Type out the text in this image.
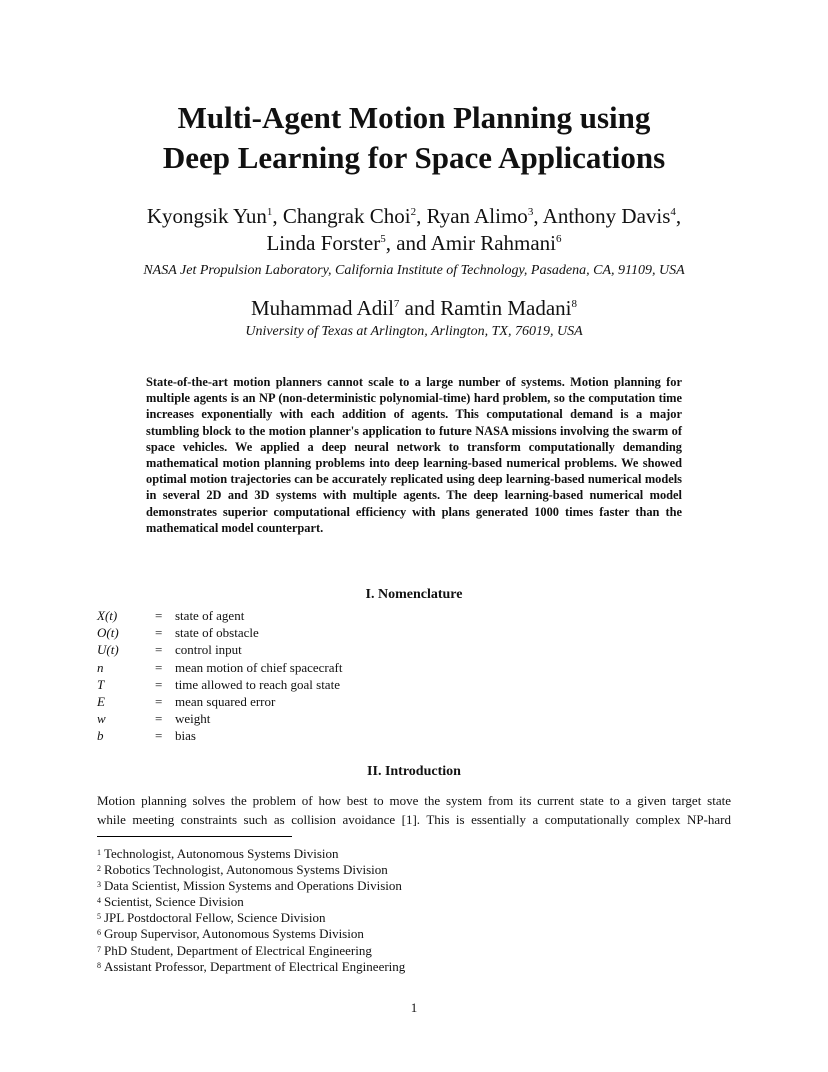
Multi-Agent Motion Planning using
Deep Learning for Space Applications
Kyongsik Yun$^1$, Changrak Choi$^2$, Ryan Alimo$^3$, Anthony Davis$^4$,
Linda Forster$^5$, and Amir Rahmani$^6$
NASA Jet Propulsion Laboratory, California Institute of Technology, Pasadena, CA, 91109, USA
Muhammad Adil$^7$ and Ramtin Madani$^8$
University of Texas at Arlington, Arlington, TX, 76019, USA
State-of-the-art motion planners cannot scale to a large number of systems. Motion planning for multiple agents is an NP (non-deterministic polynomial-time) hard problem, so the computation time increases exponentially with each addition of agents. This computational demand is a major stumbling block to the motion planner's application to future NASA missions involving the swarm of space vehicles. We applied a deep neural network to transform computationally demanding mathematical motion planning problems into deep learning-based numerical problems. We showed optimal motion trajectories can be accurately replicated using deep learning-based numerical models in several 2D and 3D systems with multiple agents. The deep learning-based numerical model demonstrates superior computational efficiency with plans generated 1000 times faster than the mathematical model counterpart.
I. Nomenclature
X(t)	= state of agent
O(t)	= state of obstacle
U(t)	= control input
n	= mean motion of chief spacecraft
T	= time allowed to reach goal state
E	= mean squared error
w	= weight
b	= bias
II. Introduction
Motion planning solves the problem of how best to move the system from its current state to a given target state
while meeting constraints such as collision avoidance [1]. This is essentially a computationally complex NP-hard
$^1$ Technologist, Autonomous Systems Division
$^2$ Robotics Technologist, Autonomous Systems Division
$^3$ Data Scientist, Mission Systems and Operations Division
$^4$ Scientist, Science Division
$^5$ JPL Postdoctoral Fellow, Science Division
$^6$ Group Supervisor, Autonomous Systems Division
$^7$ PhD Student, Department of Electrical Engineering
$^8$ Assistant Professor, Department of Electrical Engineering
1
